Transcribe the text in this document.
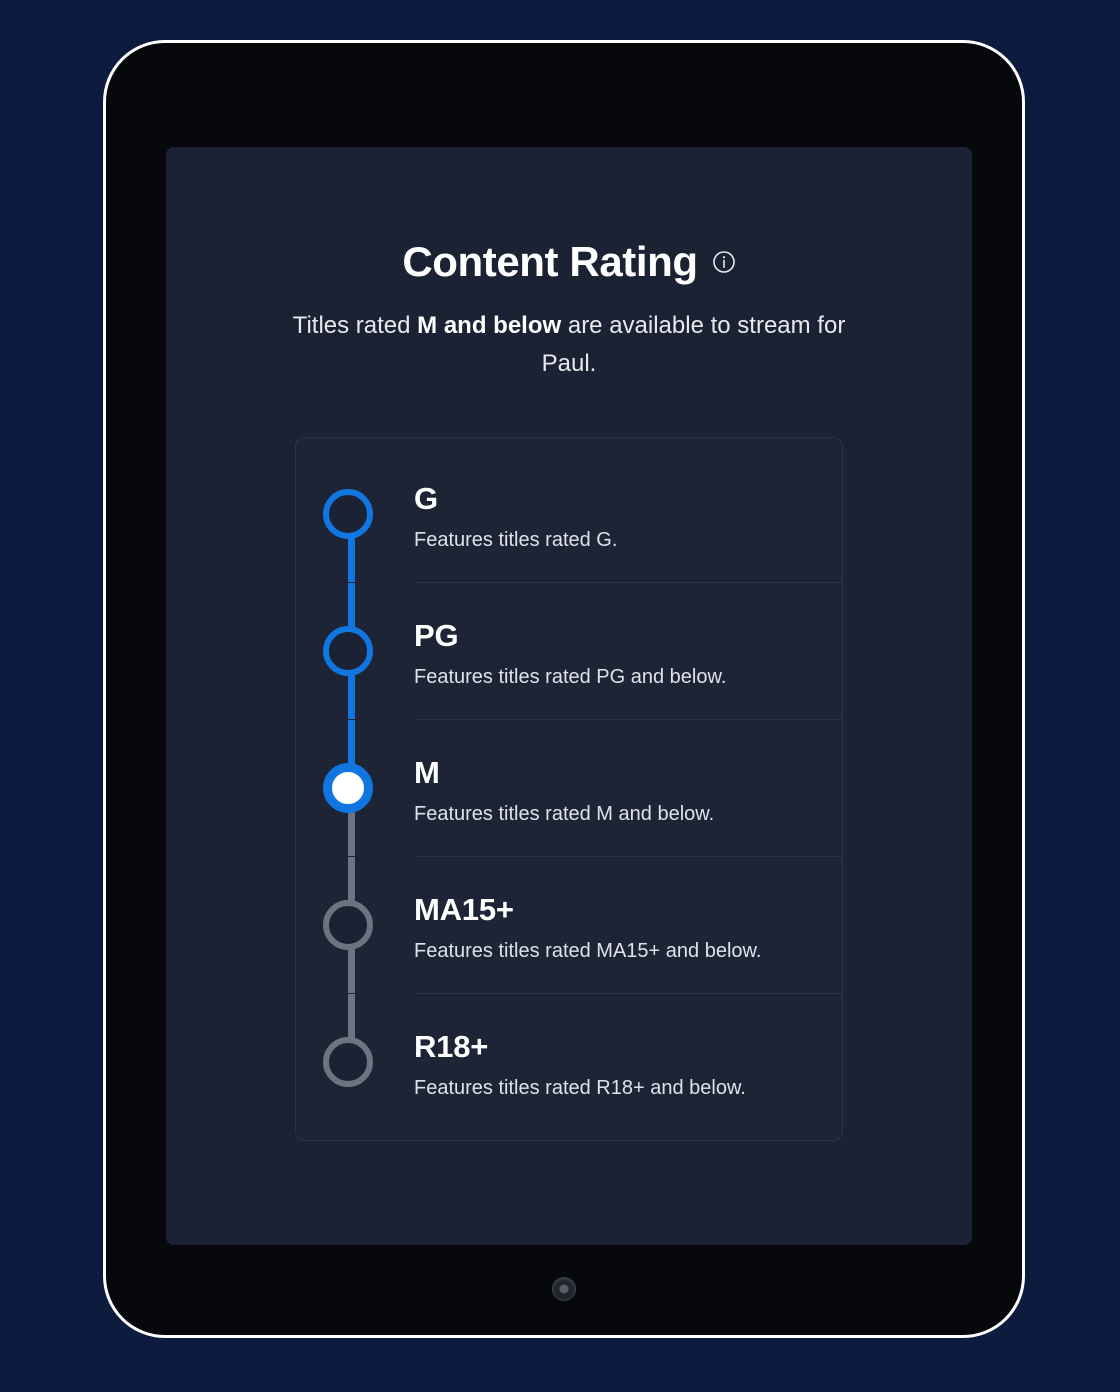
Content Rating
Titles rated M and below are available to stream for Paul.
G
Features titles rated G.
PG
Features titles rated PG and below.
M
Features titles rated M and below.
MA15+
Features titles rated MA15+ and below.
R18+
Features titles rated R18+ and below.
